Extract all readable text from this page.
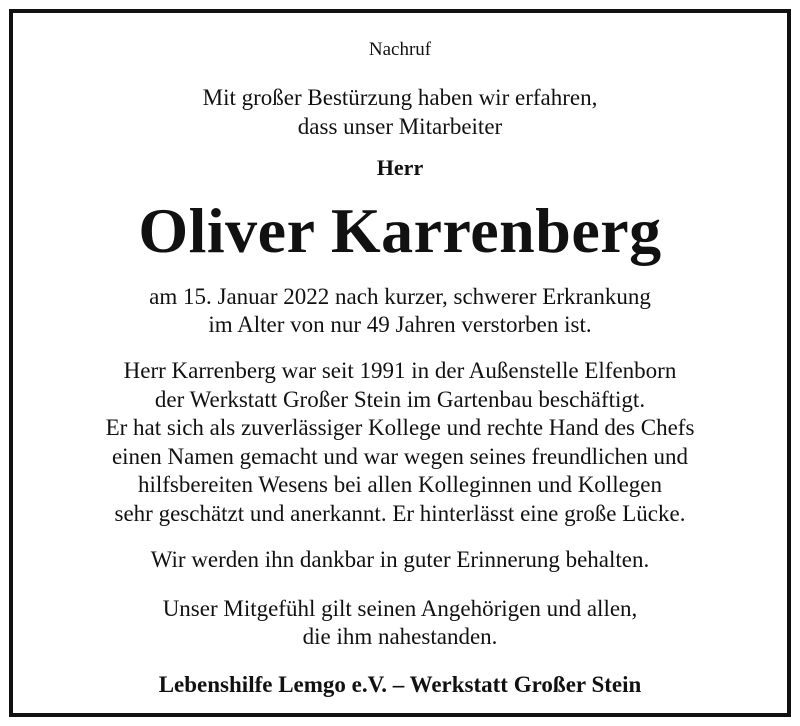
Nachruf
Mit großer Bestürzung haben wir erfahren,
dass unser Mitarbeiter
Herr
Oliver Karrenberg
am 15. Januar 2022 nach kurzer, schwerer Erkrankung
im Alter von nur 49 Jahren verstorben ist.
Herr Karrenberg war seit 1991 in der Außenstelle Elfenborn
der Werkstatt Großer Stein im Gartenbau beschäftigt.
Er hat sich als zuverlässiger Kollege und rechte Hand des Chefs
einen Namen gemacht und war wegen seines freundlichen und
hilfsbereiten Wesens bei allen Kolleginnen und Kollegen
sehr geschätzt und anerkannt. Er hinterlässt eine große Lücke.
Wir werden ihn dankbar in guter Erinnerung behalten.
Unser Mitgefühl gilt seinen Angehörigen und allen,
die ihm nahestanden.
Lebenshilfe Lemgo e.V. – Werkstatt Großer Stein
